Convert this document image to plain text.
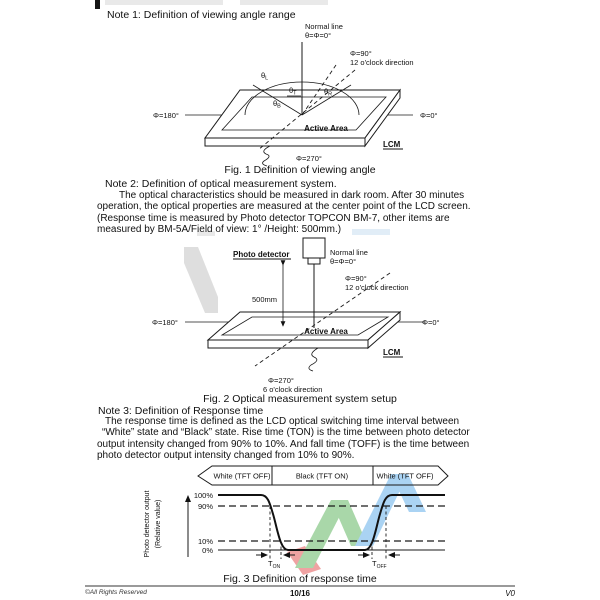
Note 1: Definition of viewing angle range
Normal line
θ=Φ=0°
Φ=90°
12 o'clock direction
Φ=180°	Φ=0°
Φ=270°
$\theta_L$
$\theta_T$	$\theta_R$
$\theta_B$
Active Area
LCM
Fig. 1 Definition of viewing angle
Note 2: Definition of optical measurement system.
The optical characteristics should be measured in dark room. After 30 minutes
operation, the optical properties are measured at the center point of the LCD screen.
(Response time is measured by Photo detector TOPCON BM-7, other items are
measured by BM-5A/Field of view: 1° /Height: 500mm.)
Photo detector	Normal line
θ=Φ=0°
Φ=90°
12 o'clock direction
500mm
Φ=180°	Φ=0°
Active Area
LCM
Φ=270°
6 o'clock direction
Fig. 2 Optical measurement system setup
Note 3: Definition of Response time
The response time is defined as the LCD optical switching time interval between
“White” state and “Black” state. Rise time (TON) is the time between photo detector
output intensity changed from 90% to 10%. And fall time (TOFF) is the time between
photo detector output intensity changed from 10% to 90%.
White (TFT OFF)	Black (TFT ON)	White (TFT OFF)
Photo detector output (Relative value)
100%
90%
10%
0%
$T_{ON}$	$T_{OFF}$
Fig. 3 Definition of response time
©All Rights Reserved	10/16	V0
